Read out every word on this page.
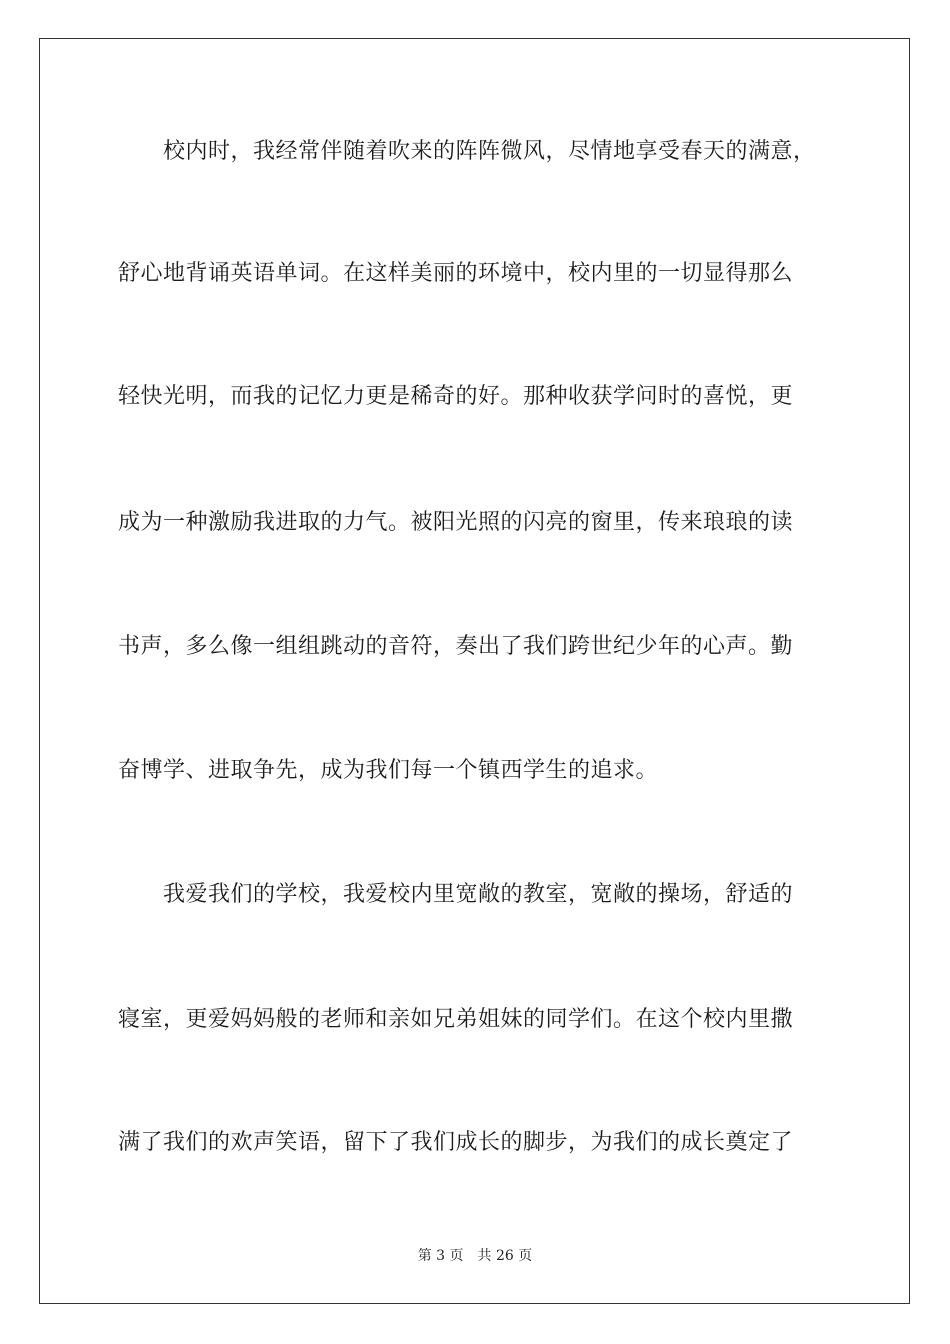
　　校内时，我经常伴随着吹来的阵阵微风，尽情地享受春天的满意，
舒心地背诵英语单词。在这样美丽的环境中，校内里的一切显得那么
轻快光明，而我的记忆力更是稀奇的好。那种收获学问时的喜悦，更
成为一种激励我进取的力气。被阳光照的闪亮的窗里，传来琅琅的读
书声，多么像一组组跳动的音符，奏出了我们跨世纪少年的心声。勤
奋博学、进取争先，成为我们每一个镇西学生的追求。
　　我爱我们的学校，我爱校内里宽敞的教室，宽敞的操场，舒适的
寝室，更爱妈妈般的老师和亲如兄弟姐妹的同学们。在这个校内里撒
满了我们的欢声笑语，留下了我们成长的脚步，为我们的成长奠定了
第 3 页 共 26 页
